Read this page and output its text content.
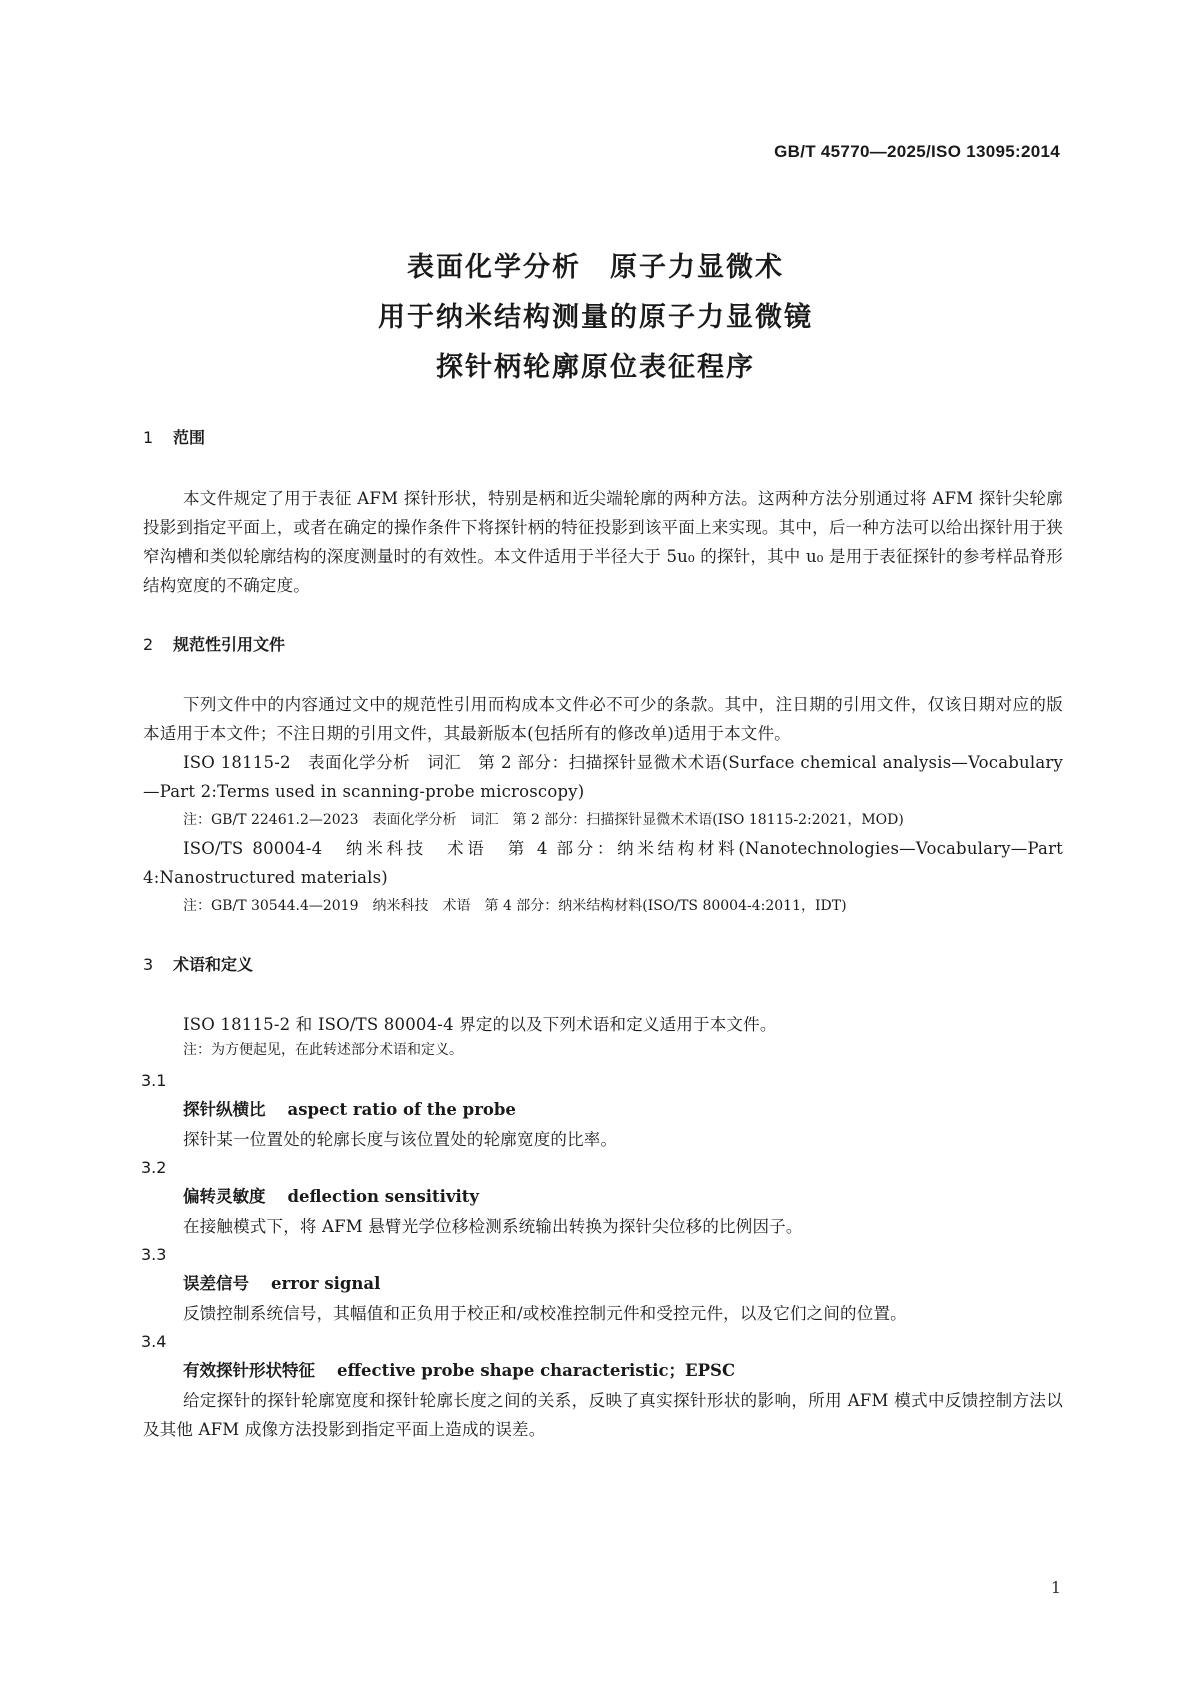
GB/T 45770—2025/ISO 13095:2014
表面化学分析　原子力显微术
用于纳米结构测量的原子力显微镜
探针柄轮廓原位表征程序
1 范围

本文件规定了用于表征 AFM 探针形状，特别是柄和近尖端轮廓的两种方法。这两种方法分别通过将 AFM 探针尖轮廓投影到指定平面上，或者在确定的操作条件下将探针柄的特征投影到该平面上来实现。其中，后一种方法可以给出探针用于狭窄沟槽和类似轮廓结构的深度测量时的有效性。本文件适用于半径大于 5u₀ 的探针，其中 u₀ 是用于表征探针的参考样品脊形结构宽度的不确定度。

2 规范性引用文件

下列文件中的内容通过文中的规范性引用而构成本文件必不可少的条款。其中，注日期的引用文件，仅该日期对应的版本适用于本文件；不注日期的引用文件，其最新版本(包括所有的修改单)适用于本文件。

ISO 18115-2　表面化学分析　词汇　第 2 部分：扫描探针显微术术语(Surface chemical analysis—Vocabulary—Part 2:Terms used in scanning-probe microscopy)

注：GB/T 22461.2—2023　表面化学分析　词汇　第 2 部分：扫描探针显微术术语(ISO 18115-2:2021，MOD)

ISO/TS 80004-4　纳米科技　术语　第 4 部分：纳米结构材料(Nanotechnologies—Vocabulary—Part 4:Nanostructured materials)

注：GB/T 30544.4—2019　纳米科技　术语　第 4 部分：纳米结构材料(ISO/TS 80004-4:2011，IDT)

3 术语和定义

ISO 18115-2 和 ISO/TS 80004-4 界定的以及下列术语和定义适用于本文件。

注：为方便起见，在此转述部分术语和定义。

3.1

探针纵横比 aspect ratio of the probe

探针某一位置处的轮廓长度与该位置处的轮廓宽度的比率。

3.2

偏转灵敏度 deflection sensitivity

在接触模式下，将 AFM 悬臂光学位移检测系统输出转换为探针尖位移的比例因子。

3.3

误差信号 error signal

反馈控制系统信号，其幅值和正负用于校正和/或校准控制元件和受控元件，以及它们之间的位置。

3.4

有效探针形状特征 effective probe shape characteristic；EPSC

给定探针的探针轮廓宽度和探针轮廓长度之间的关系，反映了真实探针形状的影响，所用 AFM 模式中反馈控制方法以及其他 AFM 成像方法投影到指定平面上造成的误差。

1
